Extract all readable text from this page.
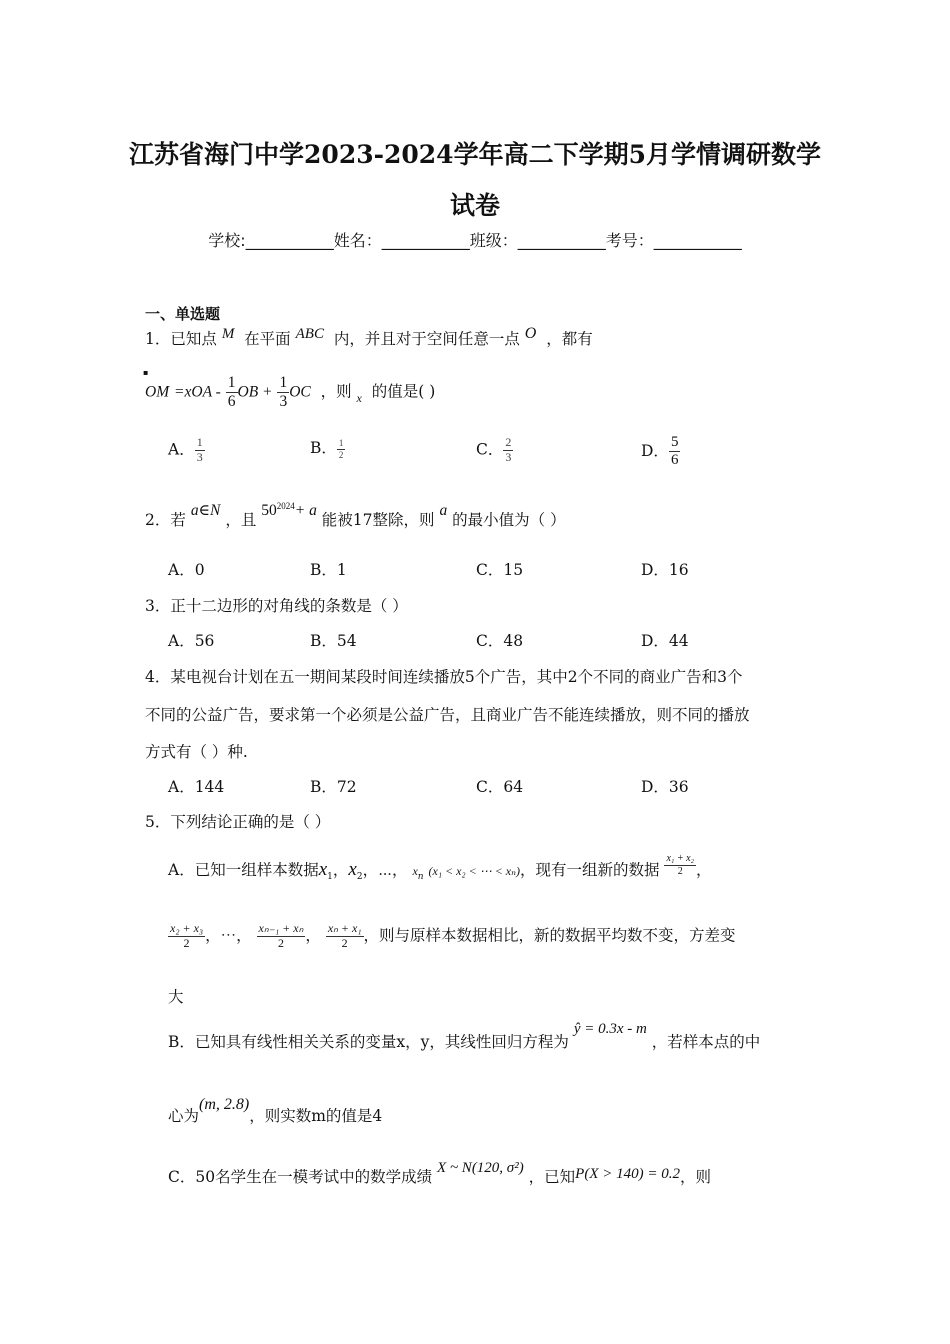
江苏省海门中学2023-2024学年高二下学期5月学情调研数学
试卷
学校:___________姓名：___________班级：___________考号：___________
一、单选题
1．已知点 M 在平面 ABC 内，并且对于空间任意一点 O ，都有
▪
OM $=xOA - \frac{1}{6}$ OB + $\frac{1}{3}$ OC ，则 $_x$ 的值是( )
A． $\frac{1}{3}$	B． $\frac{1}{2}$	C． $\frac{2}{3}$	D． $\frac{5}{6}$
2．若 a∈N ，且 $50^{2024}+ a$ 能被17整除，则 a 的最小值为（ ）
A．0	B．1	C．15	D．16
3．正十二边形的对角线的条数是（ ）
A．56	B．54	C．48	D．44
4．某电视台计划在五一期间某段时间连续播放5个广告，其中2个不同的商业广告和3个
不同的公益广告，要求第一个必须是公益广告，且商业广告不能连续播放，则不同的播放
方式有（ ）种.
A．144	B．72	C．64	D．36
5．下列结论正确的是（ ）
A．已知一组样本数据$x_1$，$x_2$，⋯， $x_n$ (x₁ < x₂ < ⋯ < xₙ)，现有一组新的数据 $\frac{\text{x₁ + x₂}}{2}$ ，
$\frac{\text{x₂ + x₃}}{2}$ ，⋯， $\frac{\text{xₙ₋₁ + xₙ}}{2}$ ， $\frac{\text{xₙ + x₁}}{2}$ ，则与原样本数据相比，新的数据平均数不变，方差变
大
B．已知具有线性相关关系的变量x，y，其线性回归方程为 ŷ = 0.3x - m ，若样本点的中
心为(m, 2.8)，则实数m的值是4
C．50名学生在一模考试中的数学成绩 X ~ N(120, σ²) ，已知P(X > 140) = 0.2，则
